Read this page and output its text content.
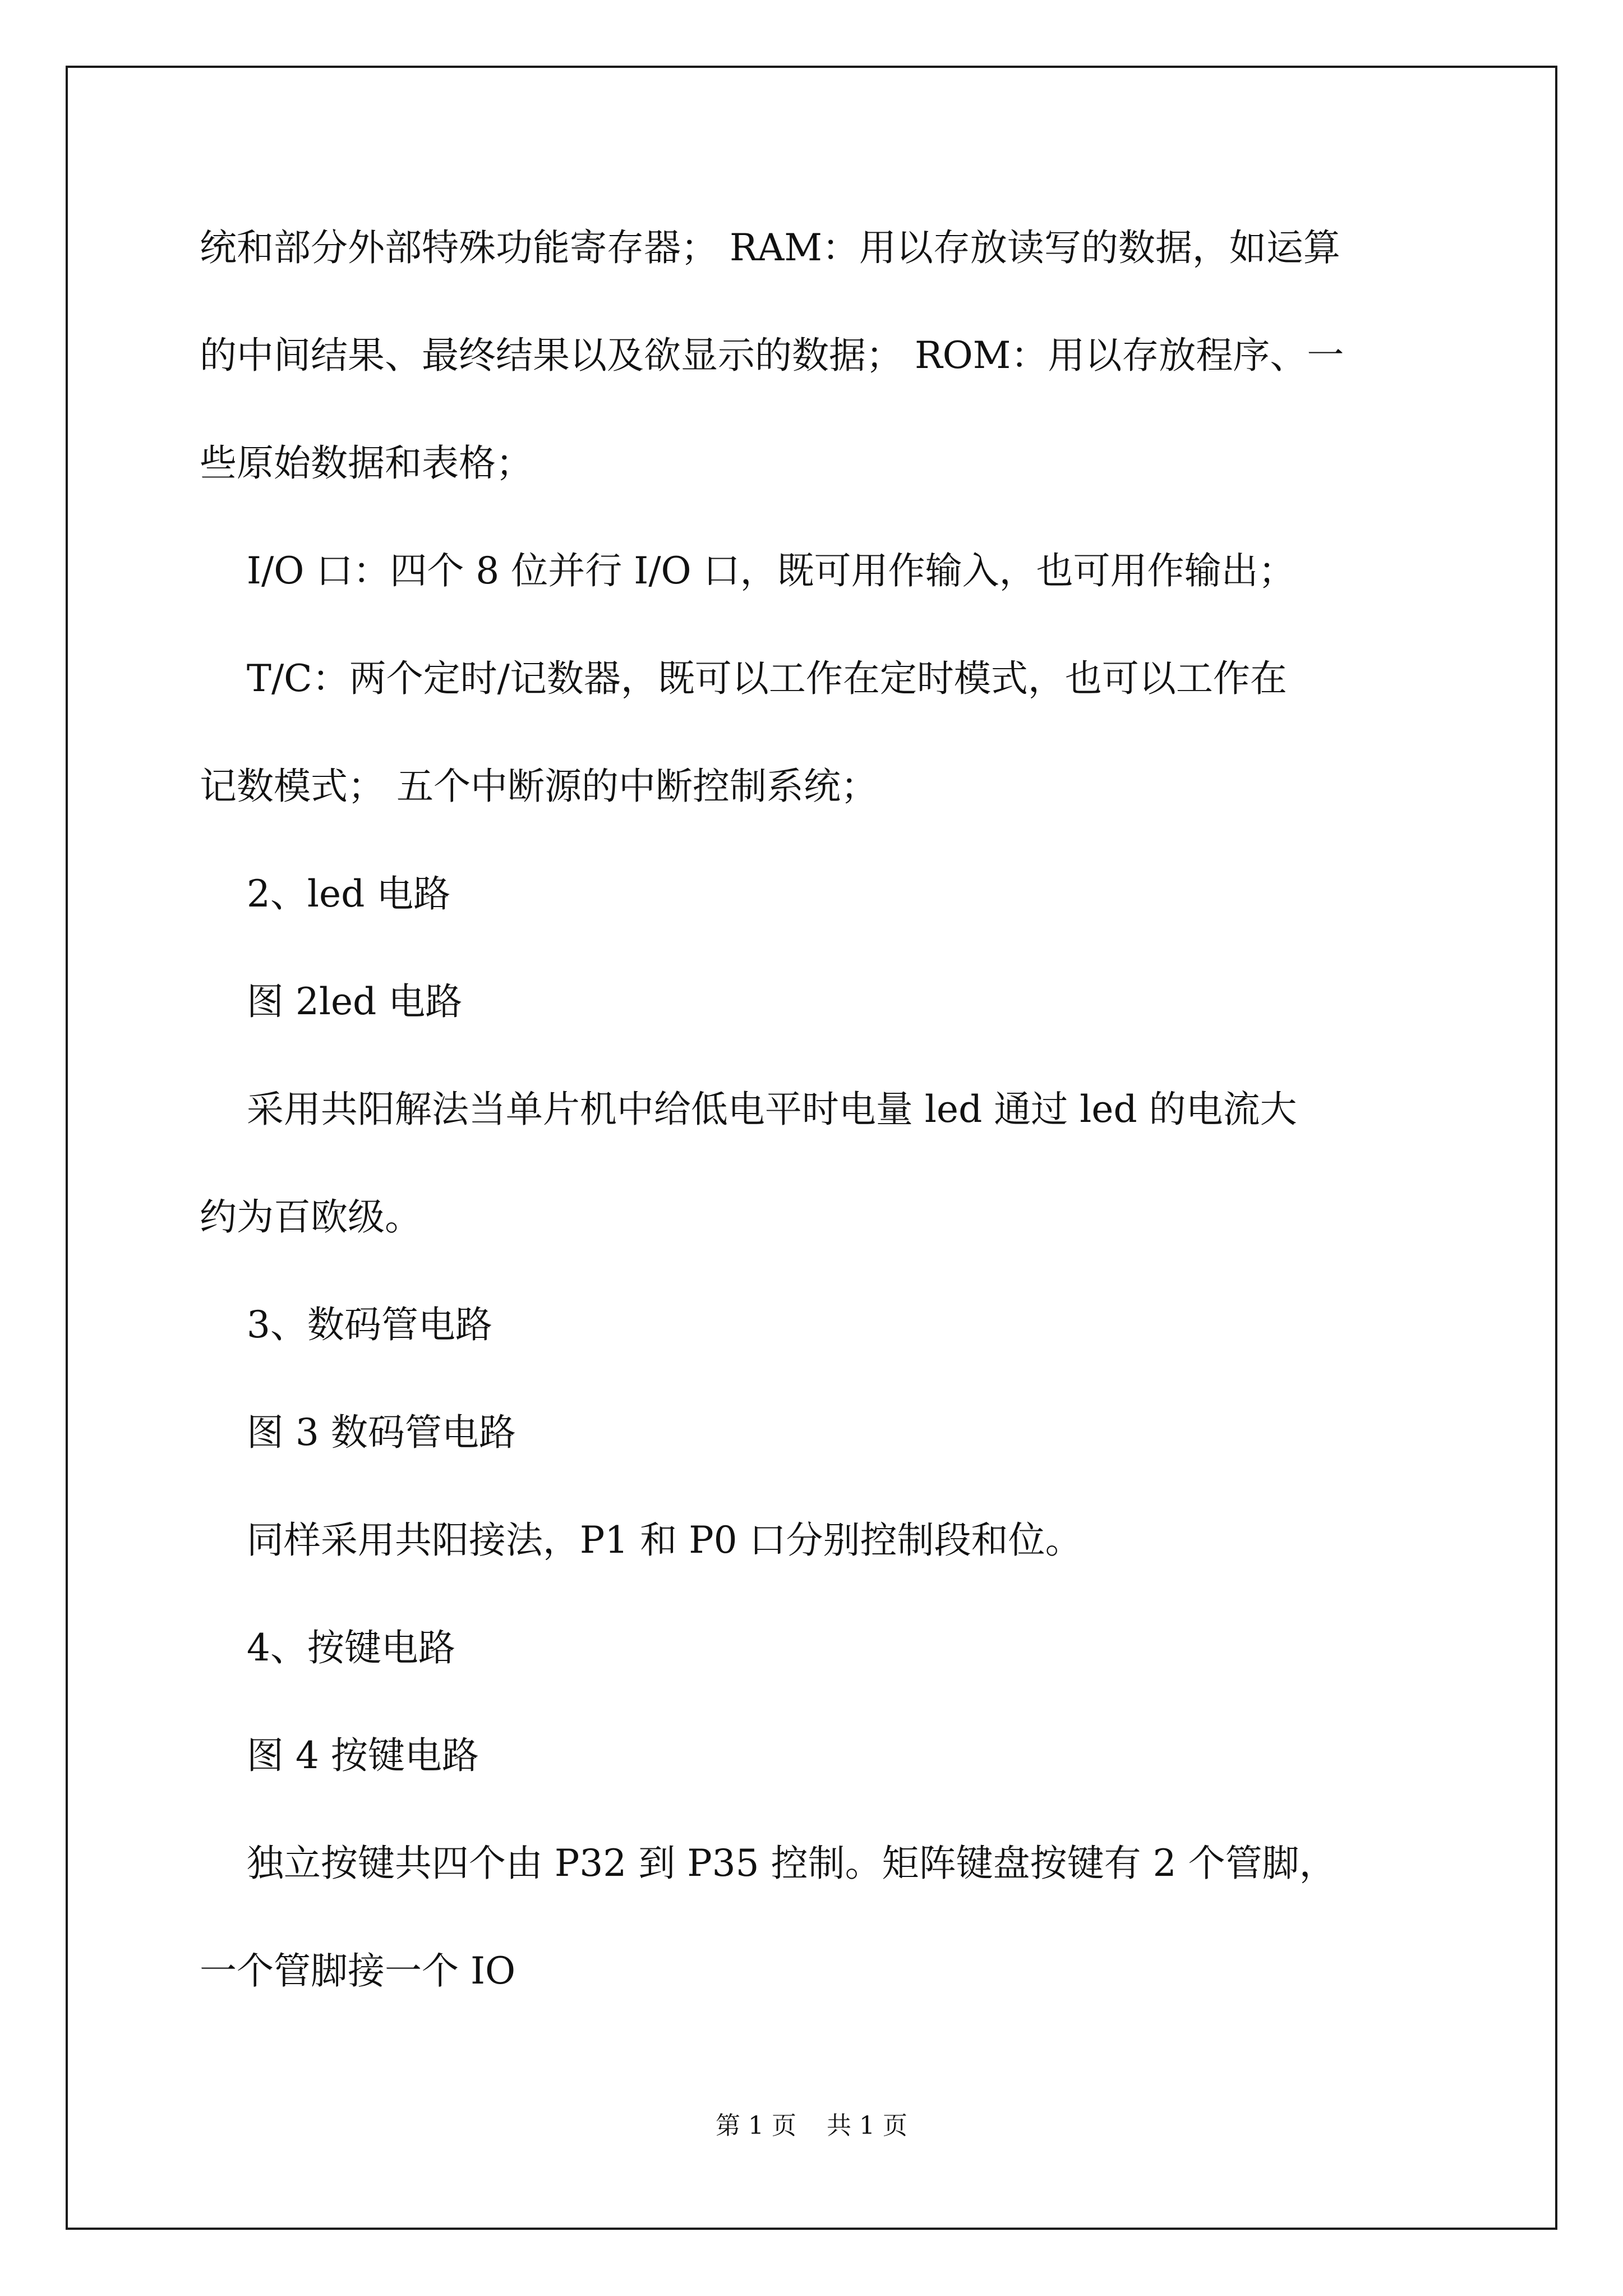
统和部分外部特殊功能寄存器； RAM：用以存放读写的数据，如运算
的中间结果、最终结果以及欲显示的数据； ROM：用以存放程序、一
些原始数据和表格；
I/O 口：四个 8 位并行 I/O 口，既可用作输入，也可用作输出；
T/C：两个定时/记数器，既可以工作在定时模式，也可以工作在
记数模式； 五个中断源的中断控制系统；
2、led 电路
图 2led 电路
采用共阳解法当单片机中给低电平时电量 led 通过 led 的电流大
约为百欧级。
3、数码管电路
图 3 数码管电路
同样采用共阳接法，P1 和 P0 口分别控制段和位。
4、按键电路
图 4 按键电路
独立按键共四个由 P32 到 P35 控制。矩阵键盘按键有 2 个管脚，
一个管脚接一个 IO
第 1 页 共 1 页
